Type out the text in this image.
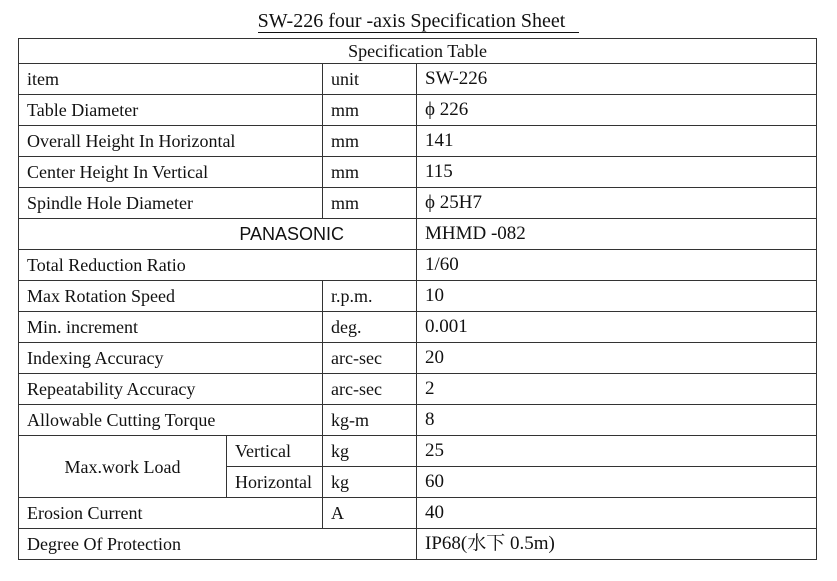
SW-226 four -axis Specification Sheet
Specification Table			
item		unit	SW-226
Table Diameter		mm	ϕ 226
Overall Height In Horizontal		mm	141
Center Height In Vertical		mm	115
Spindle Hole Diameter		mm	ϕ 25H7
PANASONIC			MHMD -082
Total Reduction Ratio			1/60
Max Rotation Speed		r.p.m.	10
Min. increment		deg.	0.001
Indexing Accuracy		arc-sec	20
Repeatability Accuracy		arc-sec	2
Allowable Cutting Torque		kg-m	8
Max.work Load	Vertical	kg	25
	Horizontal	kg	60
Erosion Current		A	40
Degree Of Protection			IP68(水下 0.5m)
